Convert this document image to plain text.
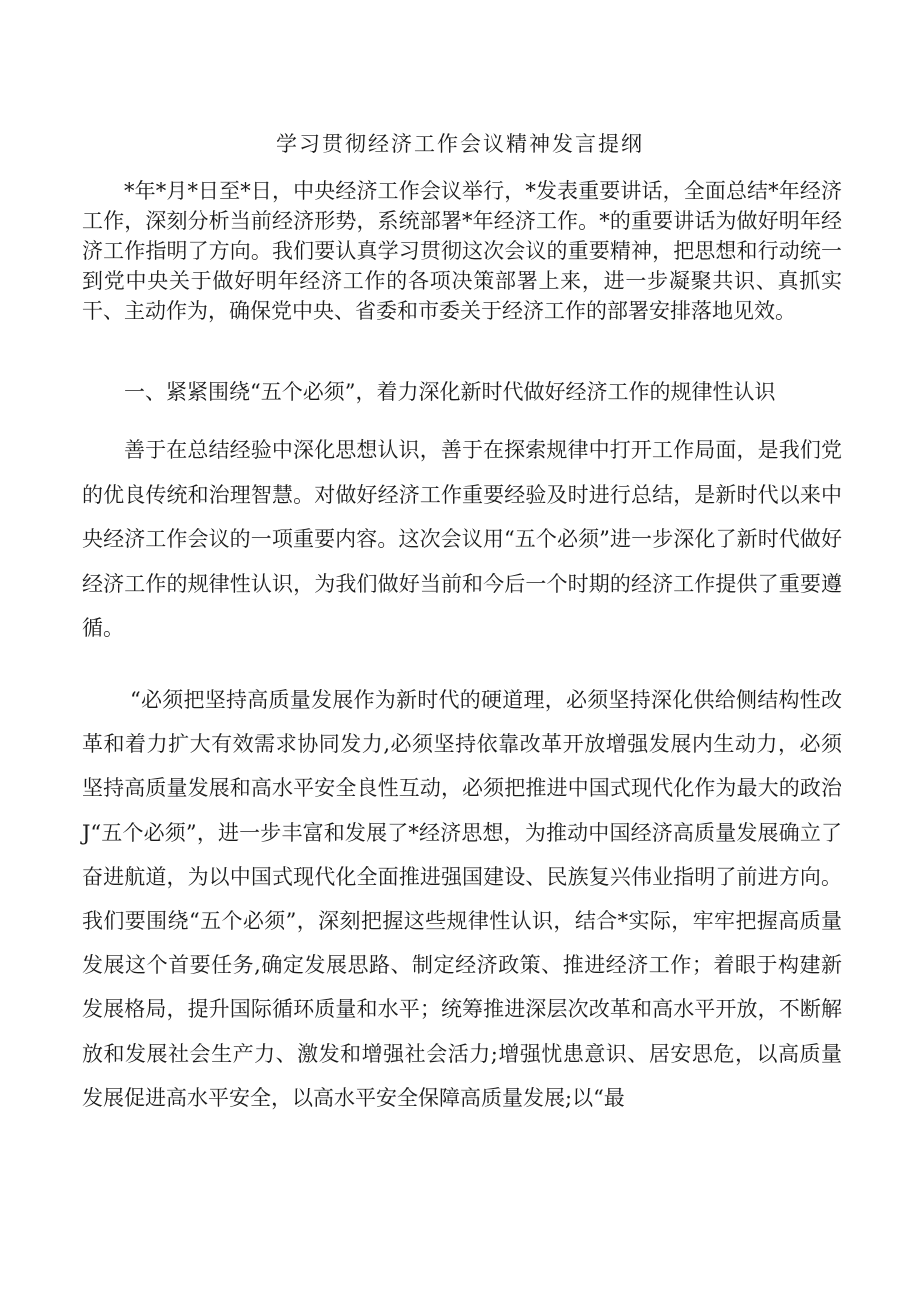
学习贯彻经济工作会议精神发言提纲

*年*月*日至*日，中央经济工作会议举行，*发表重要讲话，全面总结*年经济工作，深刻分析当前经济形势，系统部署*年经济工作。*的重要讲话为做好明年经济工作指明了方向。我们要认真学习贯彻这次会议的重要精神，把思想和行动统一到党中央关于做好明年经济工作的各项决策部署上来，进一步凝聚共识、真抓实干、主动作为，确保党中央、省委和市委关于经济工作的部署安排落地见效。

一、紧紧围绕“五个必须”，着力深化新时代做好经济工作的规律性认识

善于在总结经验中深化思想认识，善于在探索规律中打开工作局面，是我们党的优良传统和治理智慧。对做好经济工作重要经验及时进行总结，是新时代以来中央经济工作会议的一项重要内容。这次会议用“五个必须”进一步深化了新时代做好经济工作的规律性认识，为我们做好当前和今后一个时期的经济工作提供了重要遵循。

“必须把坚持高质量发展作为新时代的硬道理，必须坚持深化供给侧结构性改革和着力扩大有效需求协同发力,必须坚持依靠改革开放增强发展内生动力，必须坚持高质量发展和高水平安全良性互动，必须把推进中国式现代化作为最大的政治J“五个必须”，进一步丰富和发展了*经济思想，为推动中国经济高质量发展确立了奋进航道，为以中国式现代化全面推进强国建设、民族复兴伟业指明了前进方向。我们要围绕“五个必须”，深刻把握这些规律性认识，结合*实际，牢牢把握高质量发展这个首要任务,确定发展思路、制定经济政策、推进经济工作；着眼于构建新发展格局，提升国际循环质量和水平；统筹推进深层次改革和高水平开放，不断解放和发展社会生产力、激发和增强社会活力;增强忧患意识、居安思危，以高质量发展促进高水平安全，以高水平安全保障高质量发展;以“最
